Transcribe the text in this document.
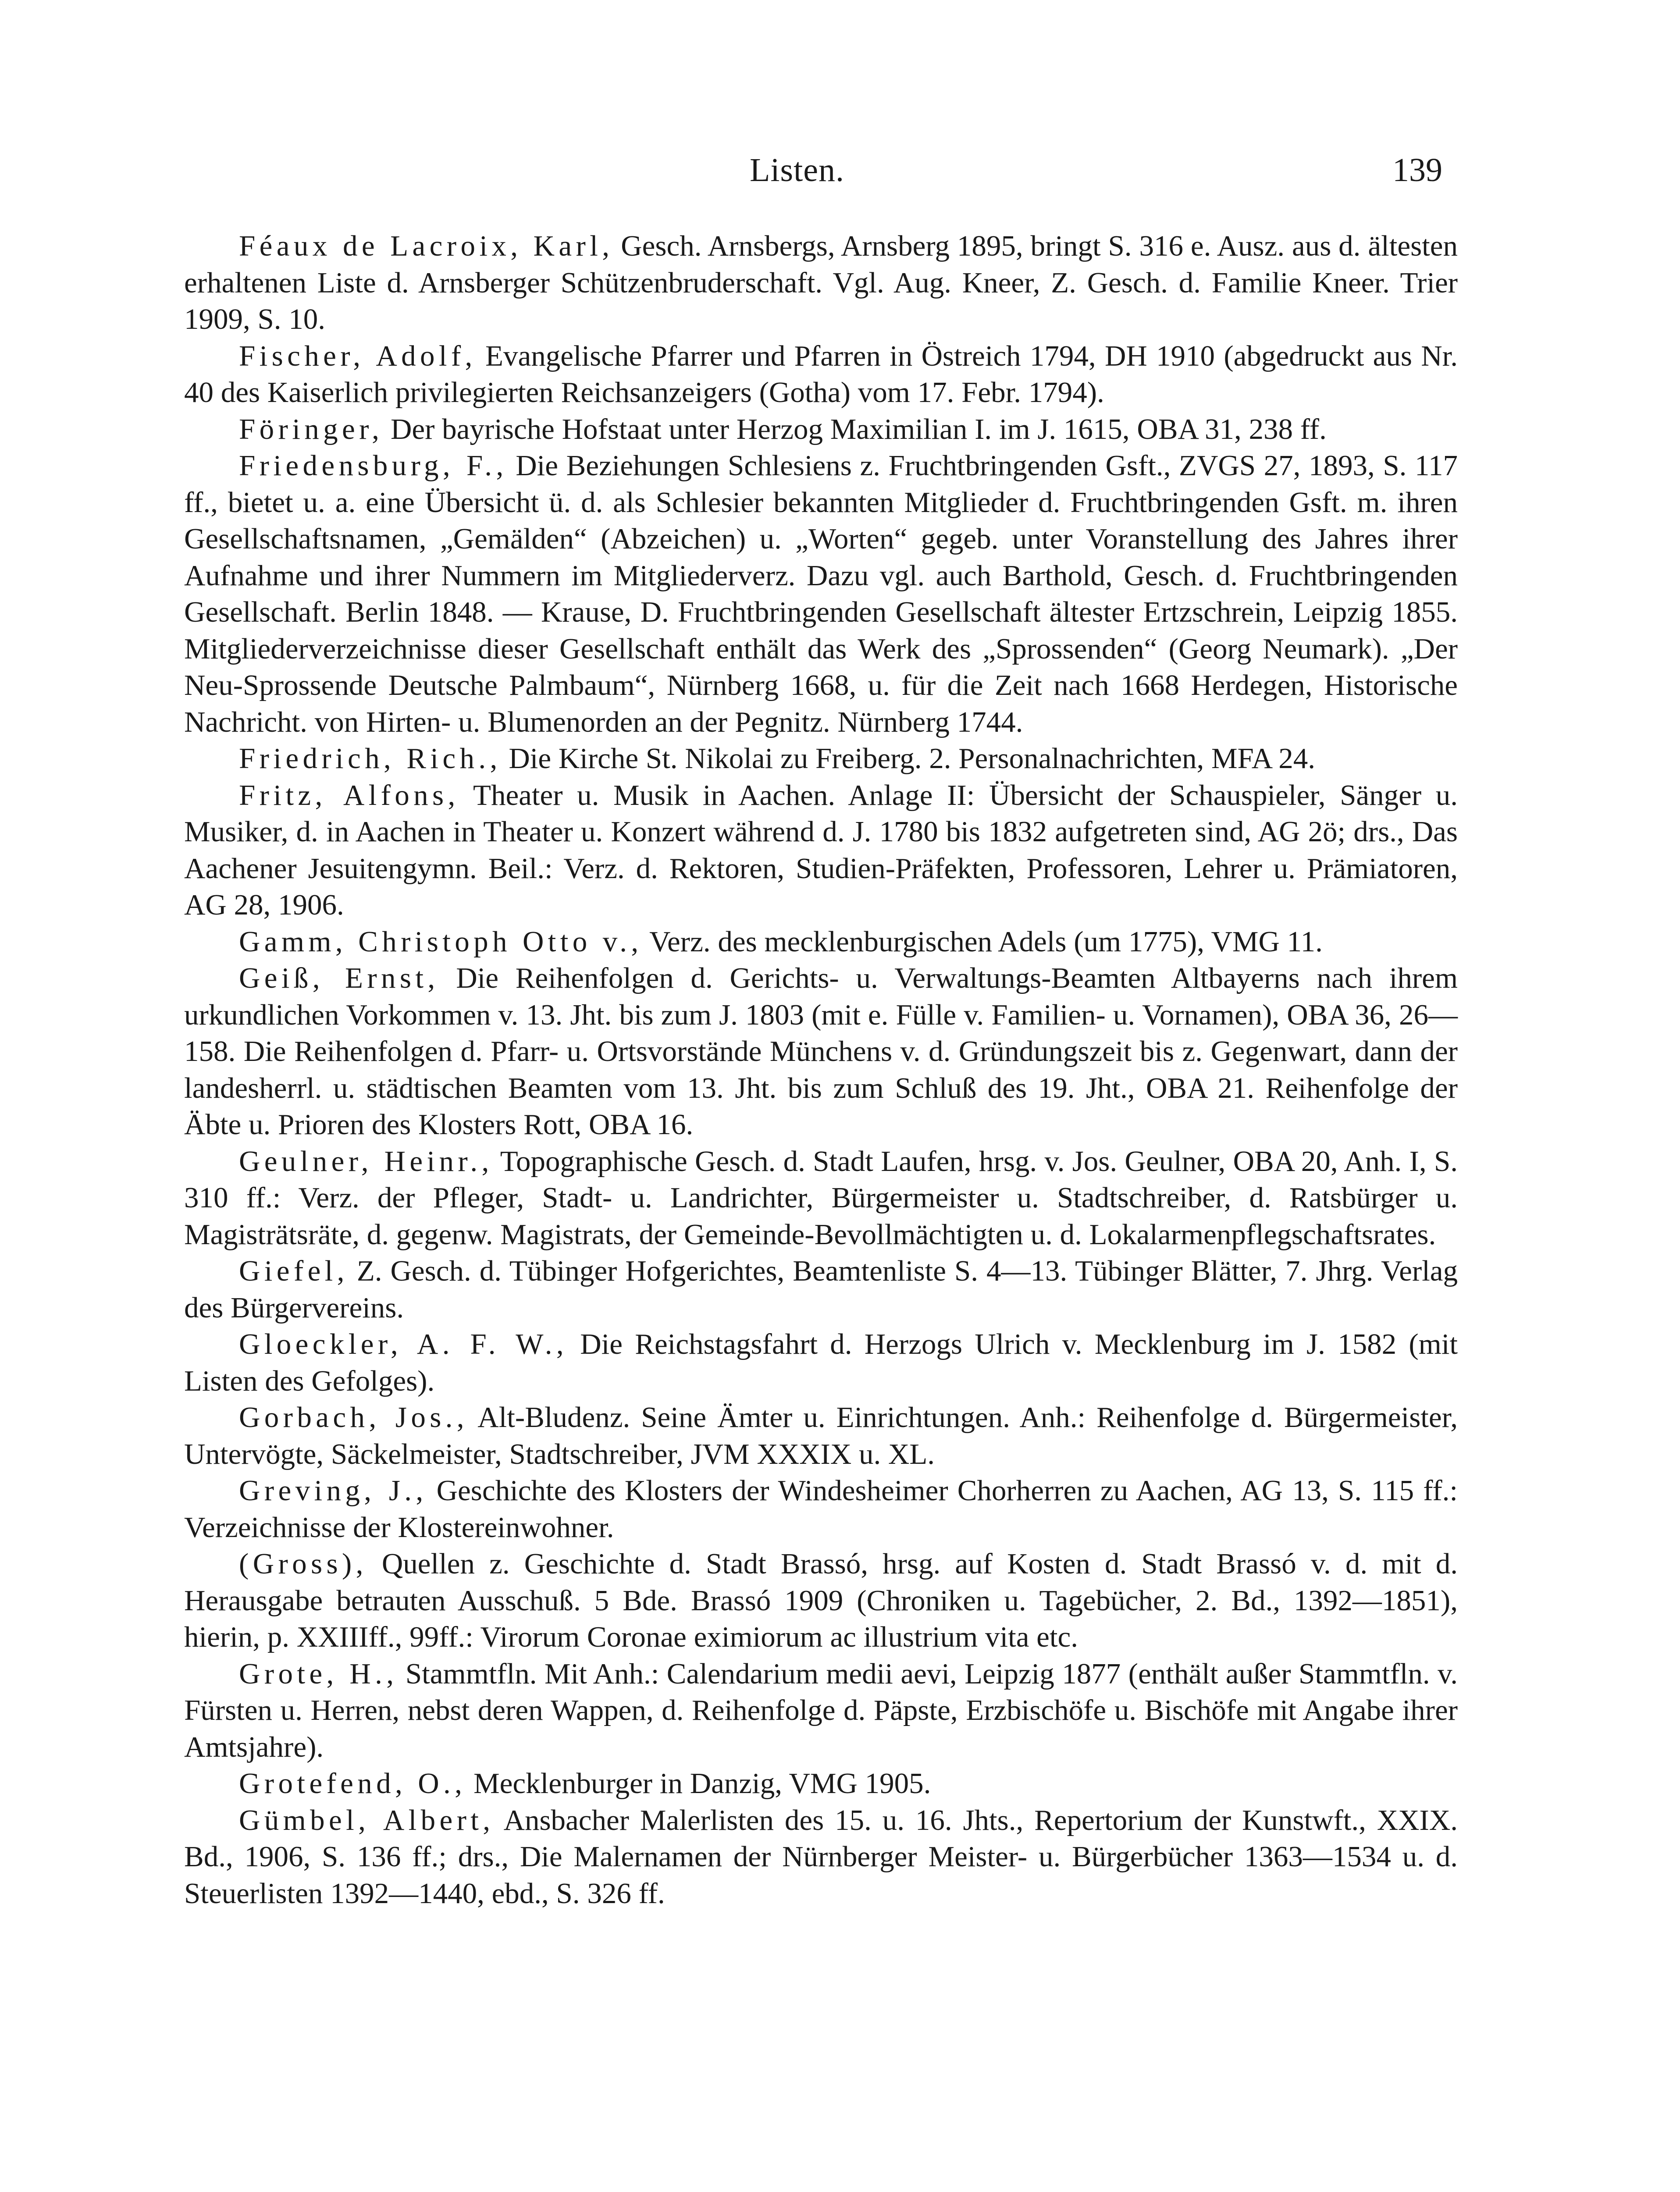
Listen.	139

Féaux de Lacroix, Karl, Gesch. Arnsbergs, Arnsberg 1895, bringt S. 316 e. Ausz. aus d. ältesten erhaltenen Liste d. Arnsberger Schützenbruderschaft. Vgl. Aug. Kneer, Z. Gesch. d. Familie Kneer. Trier 1909, S. 10.

Fischer, Adolf, Evangelische Pfarrer und Pfarren in Östreich 1794, DH 1910 (abgedruckt aus Nr. 40 des Kaiserlich privilegierten Reichsanzeigers (Gotha) vom 17. Febr. 1794).

Föringer, Der bayrische Hofstaat unter Herzog Maximilian I. im J. 1615, OBA 31, 238 ff.

Friedensburg, F., Die Beziehungen Schlesiens z. Fruchtbringenden Gsft., ZVGS 27, 1893, S. 117 ff., bietet u. a. eine Übersicht ü. d. als Schlesier bekannten Mitglieder d. Fruchtbringenden Gsft. m. ihren Gesellschaftsnamen, „Gemälden“ (Abzeichen) u. „Worten“ gegeb. unter Voranstellung des Jahres ihrer Aufnahme und ihrer Nummern im Mitgliederverz. Dazu vgl. auch Barthold, Gesch. d. Fruchtbringenden Gesellschaft. Berlin 1848. — Krause, D. Fruchtbringenden Gesellschaft ältester Ertzschrein, Leipzig 1855. Mitgliederverzeichnisse dieser Gesellschaft enthält das Werk des „Sprossenden“ (Georg Neumark). „Der Neu-Sprossende Deutsche Palmbaum“, Nürnberg 1668, u. für die Zeit nach 1668 Herdegen, Historische Nachricht. von Hirten- u. Blumenorden an der Pegnitz. Nürnberg 1744.

Friedrich, Rich., Die Kirche St. Nikolai zu Freiberg. 2. Personalnachrichten, MFA 24.

Fritz, Alfons, Theater u. Musik in Aachen. Anlage II: Übersicht der Schauspieler, Sänger u. Musiker, d. in Aachen in Theater u. Konzert während d. J. 1780 bis 1832 aufgetreten sind, AG 2ö; drs., Das Aachener Jesuitengymn. Beil.: Verz. d. Rektoren, Studien-Präfekten, Professoren, Lehrer u. Prämiatoren, AG 28, 1906.

Gamm, Christoph Otto v., Verz. des mecklenburgischen Adels (um 1775), VMG 11.

Geiß, Ernst, Die Reihenfolgen d. Gerichts- u. Verwaltungs-Beamten Altbayerns nach ihrem urkundlichen Vorkommen v. 13. Jht. bis zum J. 1803 (mit e. Fülle v. Familien- u. Vornamen), OBA 36, 26—158. Die Reihenfolgen d. Pfarr- u. Ortsvorstände Münchens v. d. Gründungszeit bis z. Gegenwart, dann der landesherrl. u. städtischen Beamten vom 13. Jht. bis zum Schluß des 19. Jht., OBA 21. Reihenfolge der Äbte u. Prioren des Klosters Rott, OBA 16.

Geulner, Heinr., Topographische Gesch. d. Stadt Laufen, hrsg. v. Jos. Geulner, OBA 20, Anh. I, S. 310 ff.: Verz. der Pfleger, Stadt- u. Landrichter, Bürgermeister u. Stadtschreiber, d. Ratsbürger u. Magisträtsräte, d. gegenw. Magistrats, der Gemeinde-Bevollmächtigten u. d. Lokalarmenpflegschaftsrates.

Giefel, Z. Gesch. d. Tübinger Hofgerichtes, Beamtenliste S. 4—13. Tübinger Blätter, 7. Jhrg. Verlag des Bürgervereins.

Gloeckler, A. F. W., Die Reichstagsfahrt d. Herzogs Ulrich v. Mecklenburg im J. 1582 (mit Listen des Gefolges).

Gorbach, Jos., Alt-Bludenz. Seine Ämter u. Einrichtungen. Anh.: Reihenfolge d. Bürgermeister, Untervögte, Säckelmeister, Stadtschreiber, JVM XXXIX u. XL.

Greving, J., Geschichte des Klosters der Windesheimer Chorherren zu Aachen, AG 13, S. 115 ff.: Verzeichnisse der Klostereinwohner.

(Gross), Quellen z. Geschichte d. Stadt Brassó, hrsg. auf Kosten d. Stadt Brassó v. d. mit d. Herausgabe betrauten Ausschuß. 5 Bde. Brassó 1909 (Chroniken u. Tagebücher, 2. Bd., 1392—1851), hierin, p. XXIIIff., 99ff.: Virorum Coronae eximiorum ac illustrium vita etc.

Grote, H., Stammtfln. Mit Anh.: Calendarium medii aevi, Leipzig 1877 (enthält außer Stammtfln. v. Fürsten u. Herren, nebst deren Wappen, d. Reihenfolge d. Päpste, Erzbischöfe u. Bischöfe mit Angabe ihrer Amtsjahre).

Grotefend, O., Mecklenburger in Danzig, VMG 1905.

Gümbel, Albert, Ansbacher Malerlisten des 15. u. 16. Jhts., Repertorium der Kunstwft., XXIX. Bd., 1906, S. 136 ff.; drs., Die Malernamen der Nürnberger Meister- u. Bürgerbücher 1363—1534 u. d. Steuerlisten 1392—1440, ebd., S. 326 ff.
